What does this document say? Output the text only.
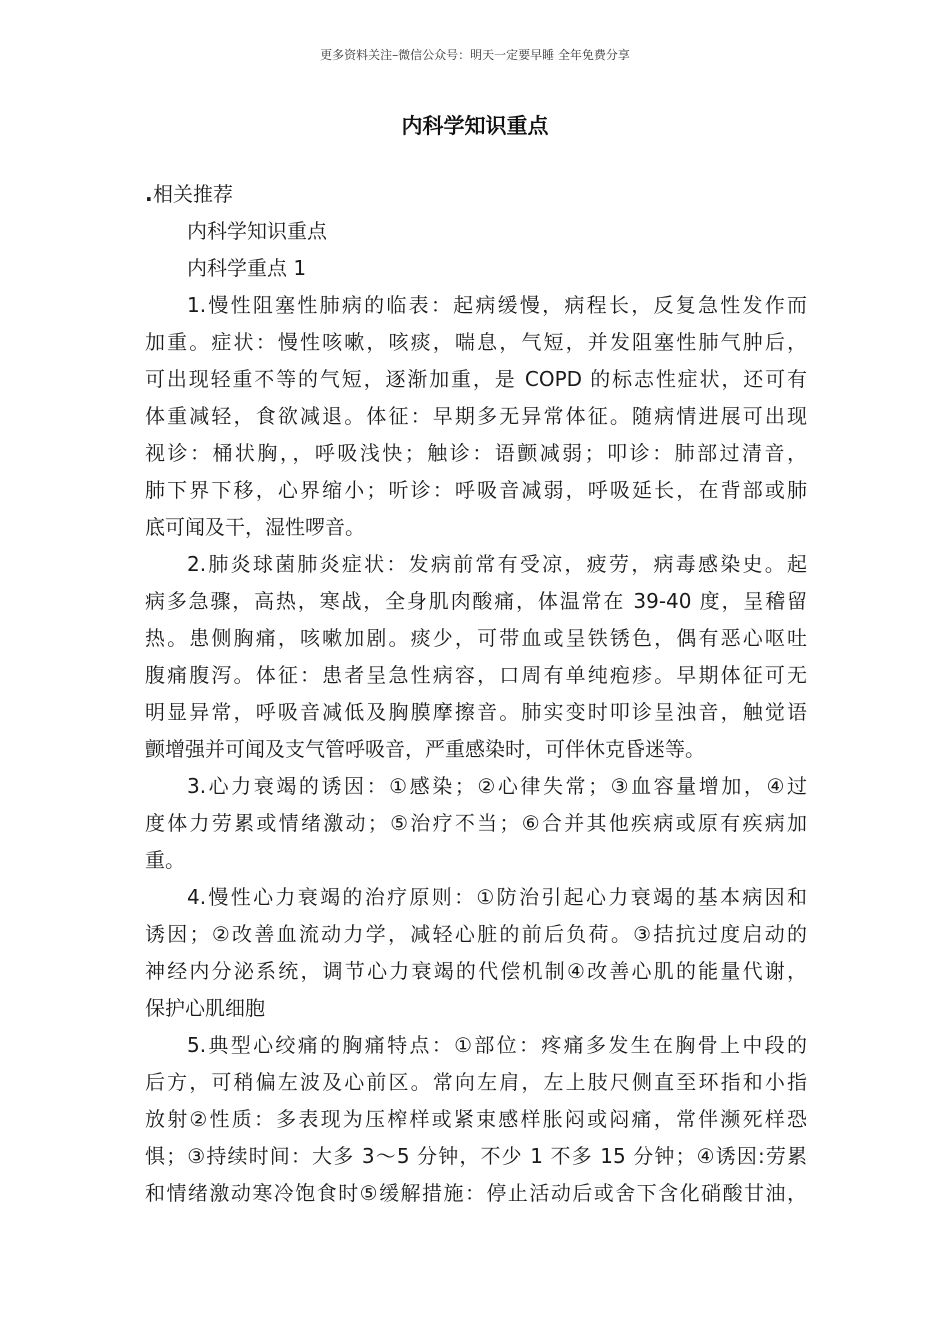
更多资料关注–微信公众号：明天一定要早睡 全年免费分享
内科学知识重点
.相关推荐
内科学知识重点
内科学重点 1
1.慢性阻塞性肺病的临表：起病缓慢，病程长，反复急性发作而
加重。症状：慢性咳嗽，咳痰，喘息，气短，并发阻塞性肺气肿后，
可出现轻重不等的气短，逐渐加重，是 COPD 的标志性症状，还可有
体重减轻，食欲减退。体征：早期多无异常体征。随病情进展可出现
视诊：桶状胸，，呼吸浅快；触诊：语颤减弱；叩诊：肺部过清音，
肺下界下移，心界缩小；听诊：呼吸音减弱，呼吸延长，在背部或肺
底可闻及干，湿性啰音。
2.肺炎球菌肺炎症状：发病前常有受凉，疲劳，病毒感染史。起
病多急骤，高热，寒战，全身肌肉酸痛，体温常在 39-40 度，呈稽留
热。患侧胸痛，咳嗽加剧。痰少，可带血或呈铁锈色，偶有恶心呕吐
腹痛腹泻。体征：患者呈急性病容，口周有单纯疱疹。早期体征可无
明显异常，呼吸音减低及胸膜摩擦音。肺实变时叩诊呈浊音，触觉语
颤增强并可闻及支气管呼吸音，严重感染时，可伴休克昏迷等。
3.心力衰竭的诱因：①感染；②心律失常；③血容量增加，④过
度体力劳累或情绪激动；⑤治疗不当；⑥合并其他疾病或原有疾病加
重。
4.慢性心力衰竭的治疗原则：①防治引起心力衰竭的基本病因和
诱因；②改善血流动力学，减轻心脏的前后负荷。③拮抗过度启动的
神经内分泌系统，调节心力衰竭的代偿机制④改善心肌的能量代谢，
保护心肌细胞
5.典型心绞痛的胸痛特点：①部位：疼痛多发生在胸骨上中段的
后方，可稍偏左波及心前区。常向左肩，左上肢尺侧直至环指和小指
放射②性质：多表现为压榨样或紧束感样胀闷或闷痛，常伴濒死样恐
惧；③持续时间：大多 3～5 分钟，不少 1 不多 15 分钟；④诱因:劳累
和情绪激动寒冷饱食时⑤缓解措施：停止活动后或舍下含化硝酸甘油，
